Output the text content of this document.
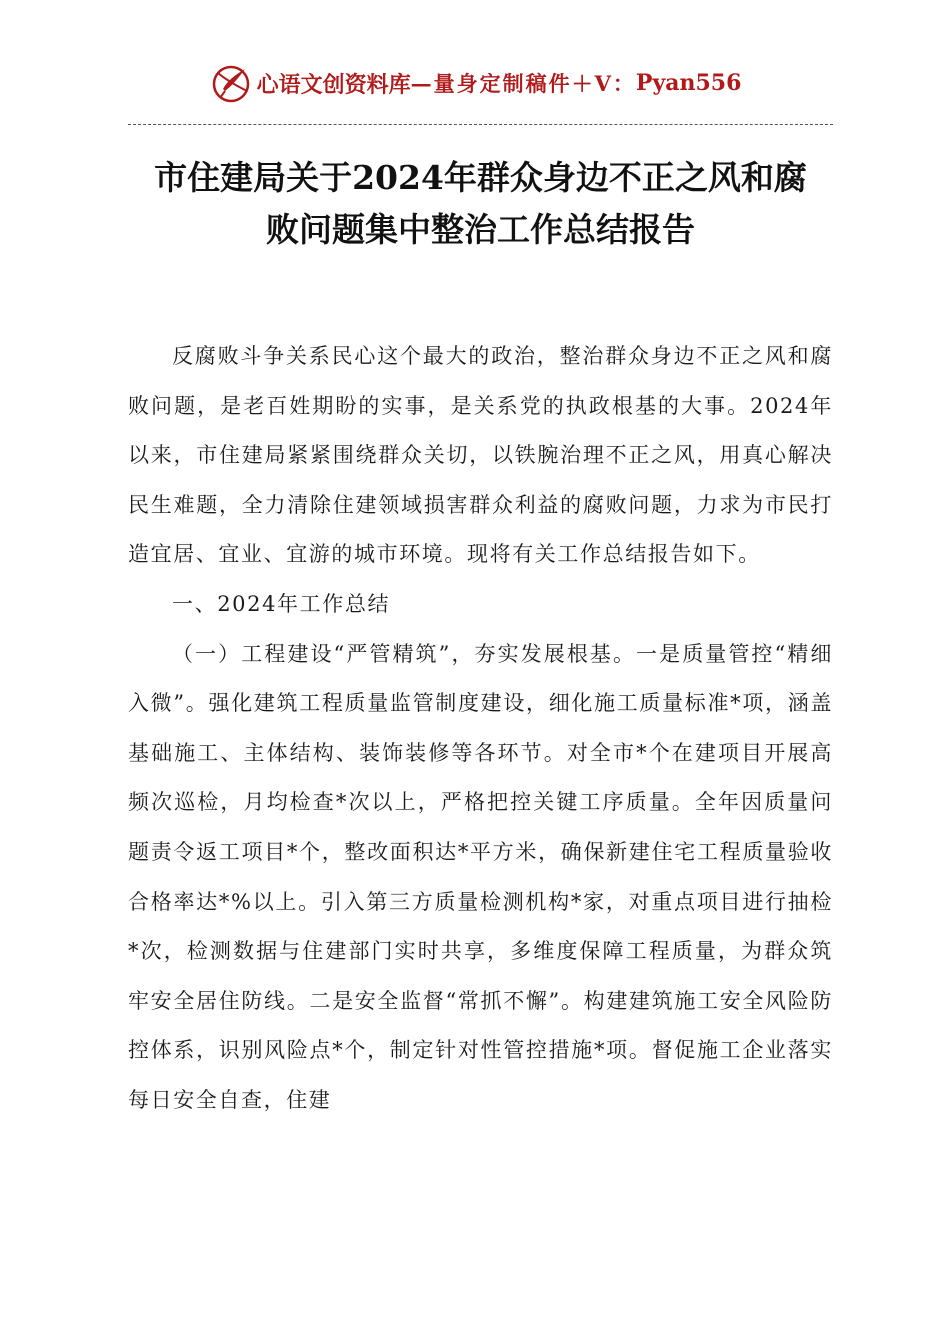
心语文创资料库 —量身定制稿件＋V： Pyan556
市住建局关于2024年群众身边不正之风和腐
败问题集中整治工作总结报告

反腐败斗争关系民心这个最大的政治，整治群众身边不正之风和腐败问题，是老百姓期盼的实事，是关系党的执政根基的大事。2024年以来，市住建局紧紧围绕群众关切，以铁腕治理不正之风，用真心解决民生难题，全力清除住建领域损害群众利益的腐败问题，力求为市民打造宜居、宜业、宜游的城市环境。现将有关工作总结报告如下。

一、2024年工作总结

（一）工程建设“严管精筑”，夯实发展根基。一是质量管控“精细入微”。强化建筑工程质量监管制度建设，细化施工质量标准*项，涵盖基础施工、主体结构、装饰装修等各环节。对全市*个在建项目开展高频次巡检，月均检查*次以上，严格把控关键工序质量。全年因质量问题责令返工项目*个，整改面积达*平方米，确保新建住宅工程质量验收合格率达*%以上。引入第三方质量检测机构*家，对重点项目进行抽检*次，检测数据与住建部门实时共享，多维度保障工程质量，为群众筑牢安全居住防线。二是安全监督“常抓不懈”。构建建筑施工安全风险防控体系，识别风险点*个，制定针对性管控措施*项。督促施工企业落实每日安全自查，住建
